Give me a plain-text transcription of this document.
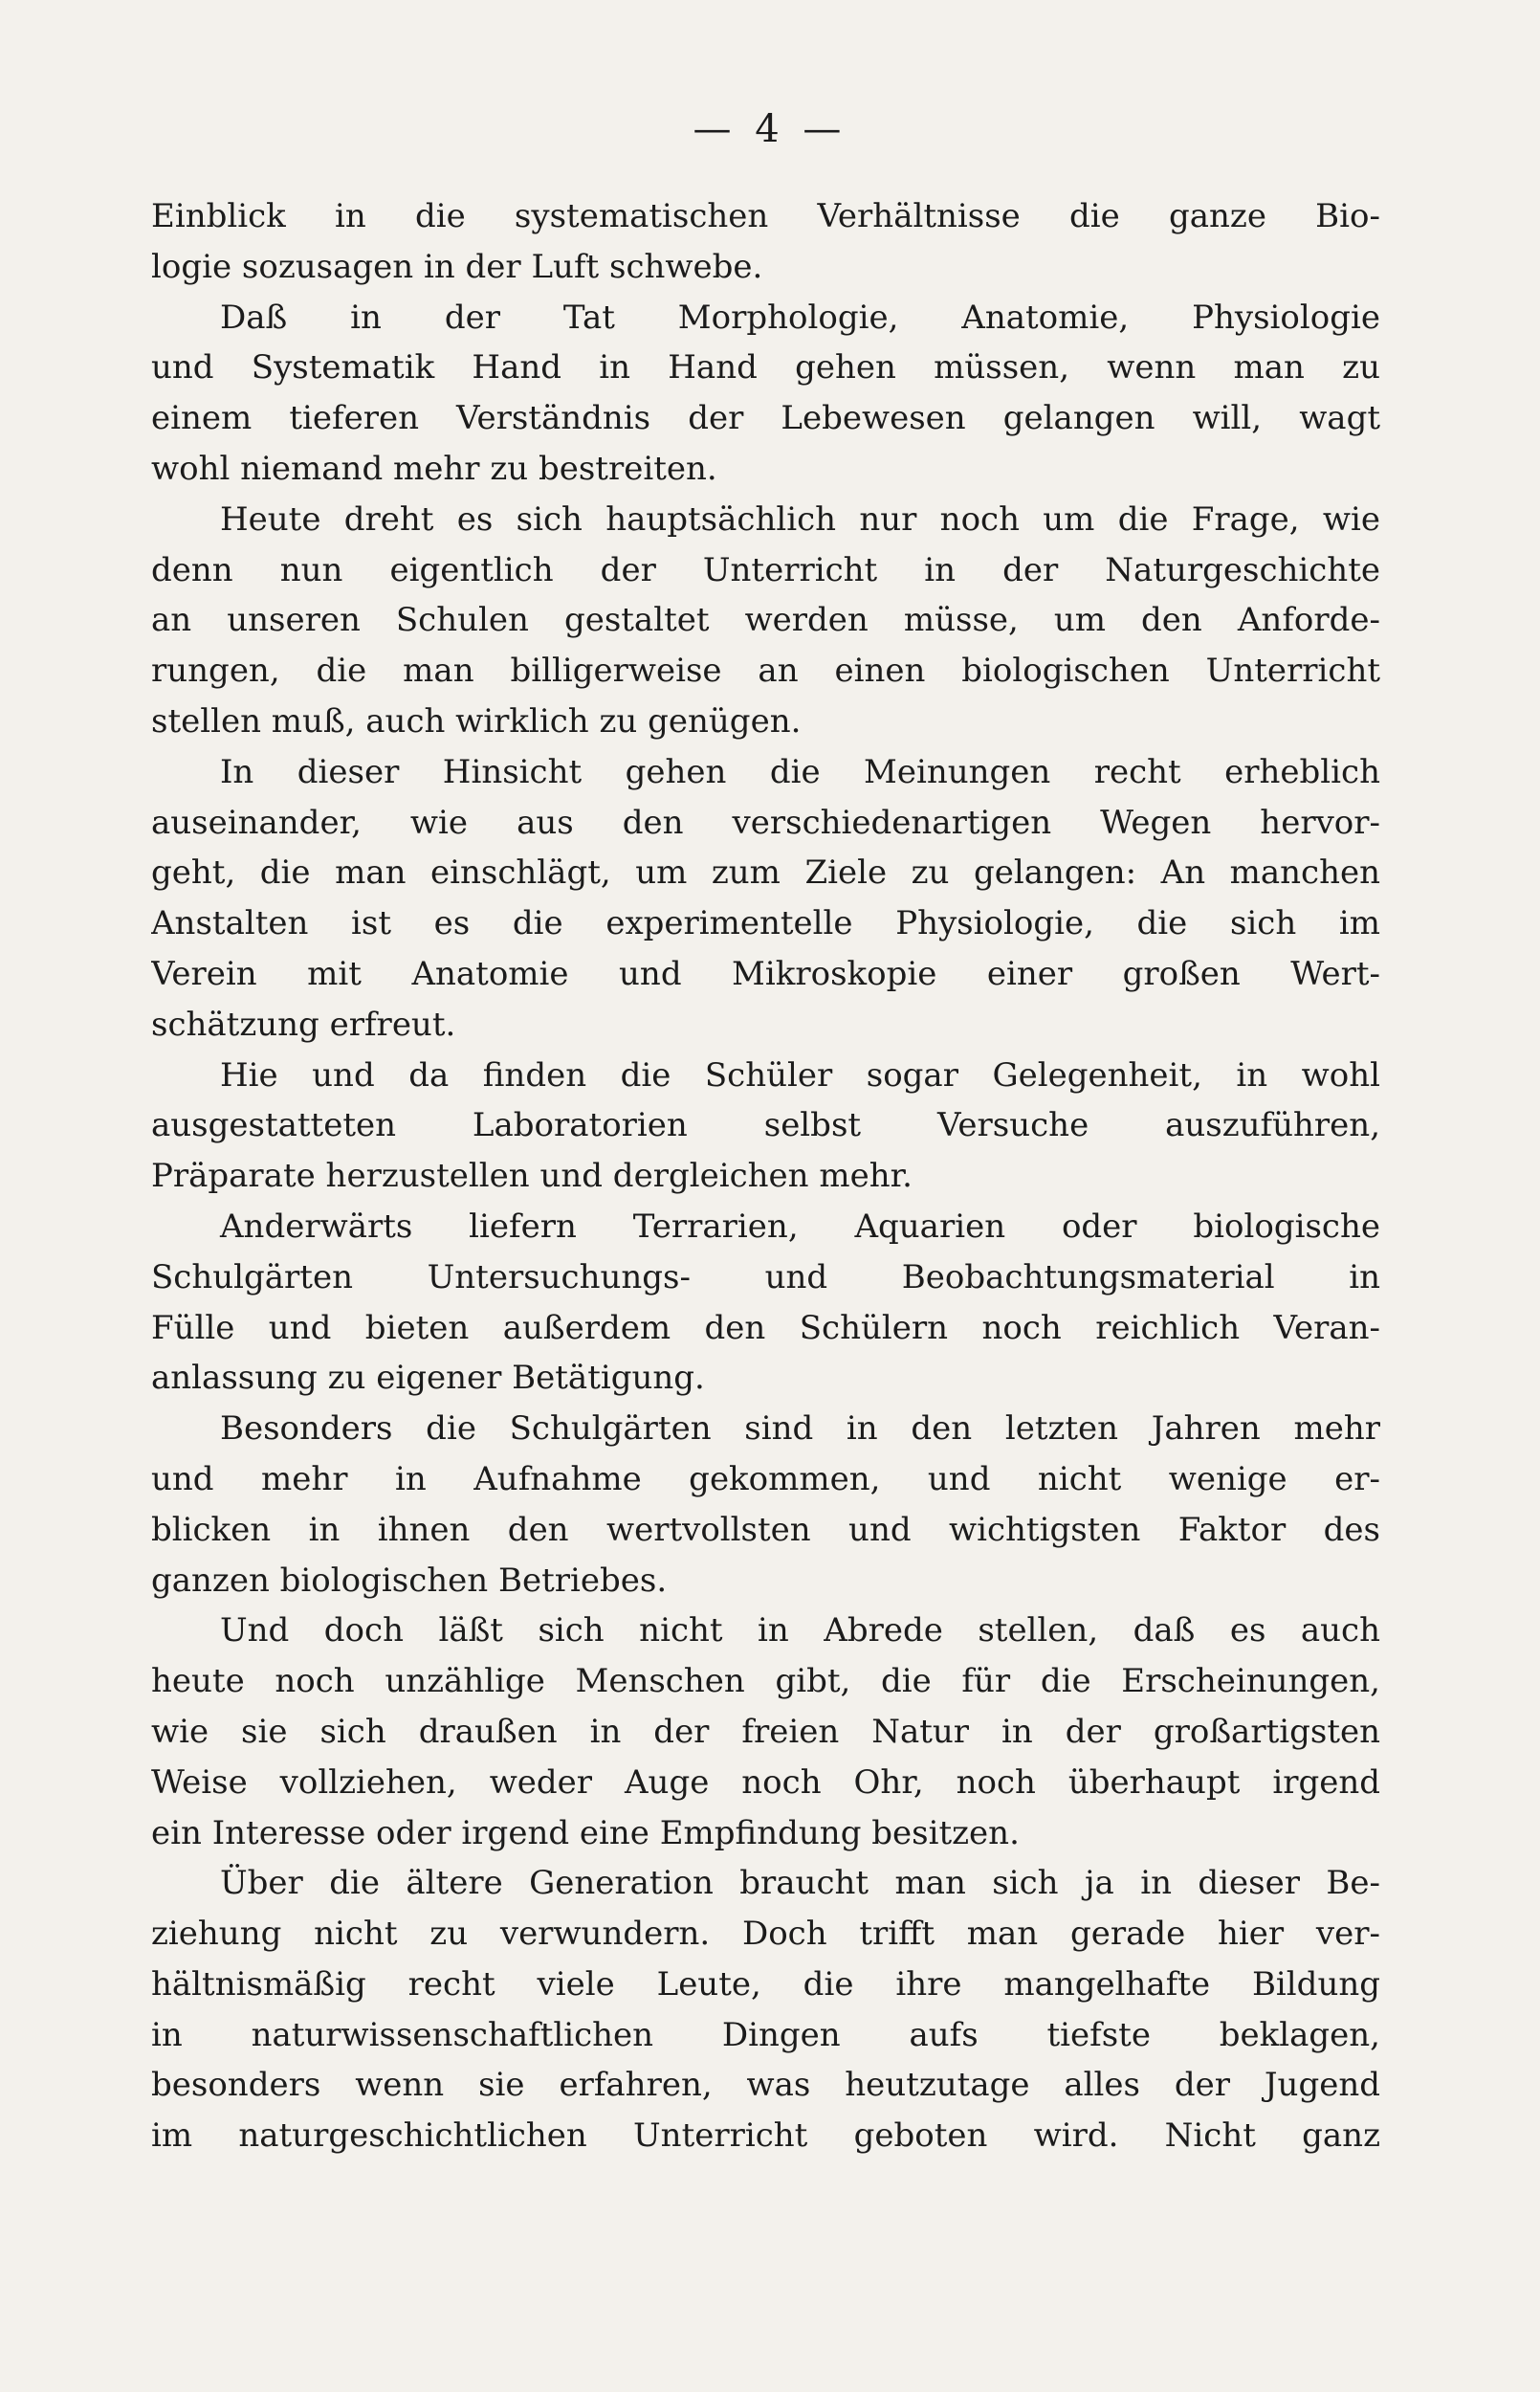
— 4 —
Einblick in die systematischen Verhältnisse die ganze Bio-
logie sozusagen in der Luft schwebe.
Daß in der Tat Morphologie, Anatomie, Physiologie
und Systematik Hand in Hand gehen müssen, wenn man zu
einem tieferen Verständnis der Lebewesen gelangen will, wagt
wohl niemand mehr zu bestreiten.
Heute dreht es sich hauptsächlich nur noch um die Frage, wie
denn nun eigentlich der Unterricht in der Naturgeschichte
an unseren Schulen gestaltet werden müsse, um den Anforde-
rungen, die man billigerweise an einen biologischen Unterricht
stellen muß, auch wirklich zu genügen.
In dieser Hinsicht gehen die Meinungen recht erheblich
auseinander, wie aus den verschiedenartigen Wegen hervor-
geht, die man einschlägt, um zum Ziele zu gelangen: An manchen
Anstalten ist es die experimentelle Physiologie, die sich im
Verein mit Anatomie und Mikroskopie einer großen Wert-
schätzung erfreut.
Hie und da finden die Schüler sogar Gelegenheit, in wohl
ausgestatteten Laboratorien selbst Versuche auszuführen,
Präparate herzustellen und dergleichen mehr.
Anderwärts liefern Terrarien, Aquarien oder biologische
Schulgärten Untersuchungs- und Beobachtungsmaterial in
Fülle und bieten außerdem den Schülern noch reichlich Veran-
anlassung zu eigener Betätigung.
Besonders die Schulgärten sind in den letzten Jahren mehr
und mehr in Aufnahme gekommen, und nicht wenige er-
blicken in ihnen den wertvollsten und wichtigsten Faktor des
ganzen biologischen Betriebes.
Und doch läßt sich nicht in Abrede stellen, daß es auch
heute noch unzählige Menschen gibt, die für die Erscheinungen,
wie sie sich draußen in der freien Natur in der großartigsten
Weise vollziehen, weder Auge noch Ohr, noch überhaupt irgend
ein Interesse oder irgend eine Empfindung besitzen.
Über die ältere Generation braucht man sich ja in dieser Be-
ziehung nicht zu verwundern. Doch trifft man gerade hier ver-
hältnismäßig recht viele Leute, die ihre mangelhafte Bildung
in naturwissenschaftlichen Dingen aufs tiefste beklagen,
besonders wenn sie erfahren, was heutzutage alles der Jugend
im naturgeschichtlichen Unterricht geboten wird. Nicht ganz
